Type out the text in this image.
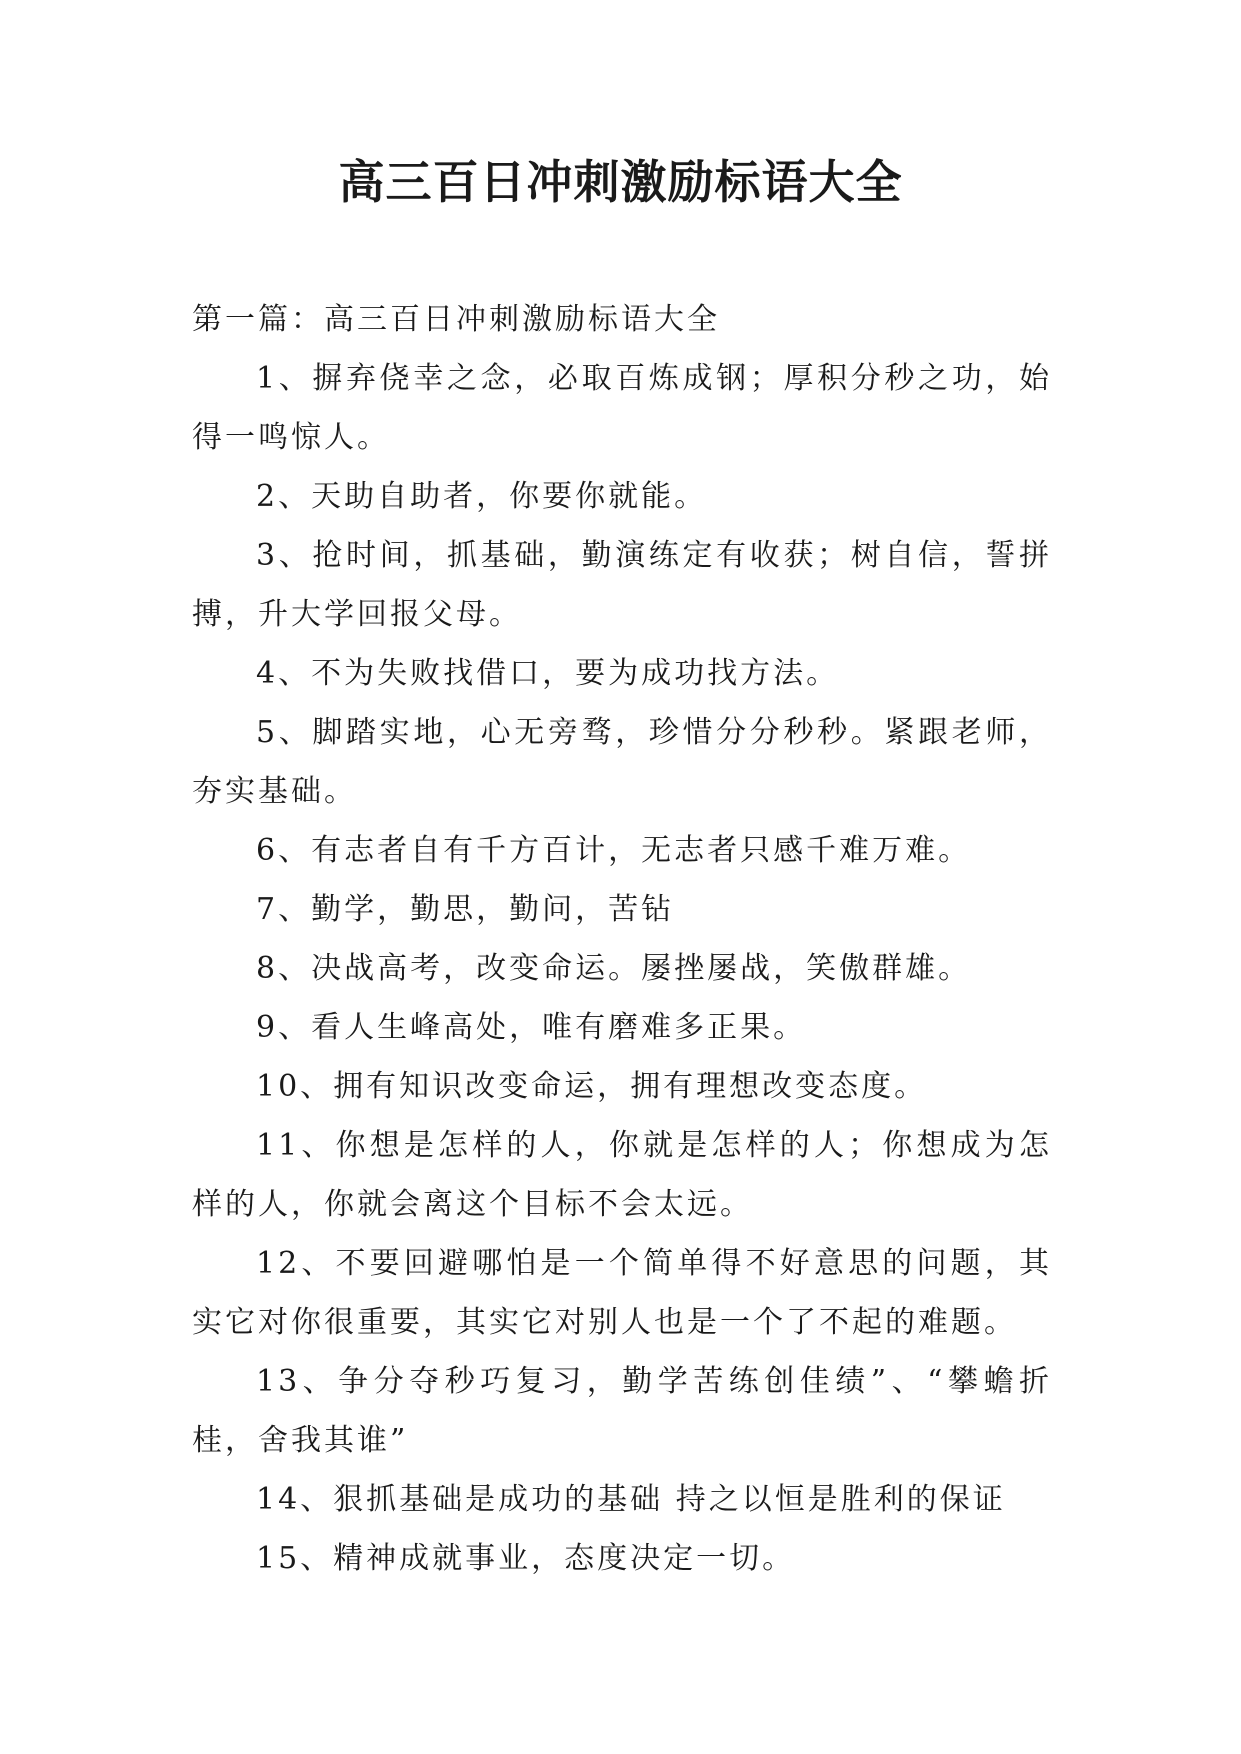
高三百日冲刺激励标语大全

第一篇：高三百日冲刺激励标语大全

1、摒弃侥幸之念，必取百炼成钢；厚积分秒之功，始得一鸣惊人。

2、天助自助者，你要你就能。

3、抢时间，抓基础，勤演练定有收获；树自信，誓拼搏，升大学回报父母。

4、不为失败找借口，要为成功找方法。

5、脚踏实地，心无旁骛，珍惜分分秒秒。紧跟老师，夯实基础。

6、有志者自有千方百计，无志者只感千难万难。

7、勤学，勤思，勤问，苦钻

8、决战高考，改变命运。屡挫屡战，笑傲群雄。

9、看人生峰高处，唯有磨难多正果。

10、拥有知识改变命运，拥有理想改变态度。

11、你想是怎样的人，你就是怎样的人；你想成为怎样的人，你就会离这个目标不会太远。

12、不要回避哪怕是一个简单得不好意思的问题，其实它对你很重要，其实它对别人也是一个了不起的难题。

13、争分夺秒巧复习，勤学苦练创佳绩”、“攀蟾折桂，舍我其谁”

14、狠抓基础是成功的基础 持之以恒是胜利的保证

15、精神成就事业，态度决定一切。
